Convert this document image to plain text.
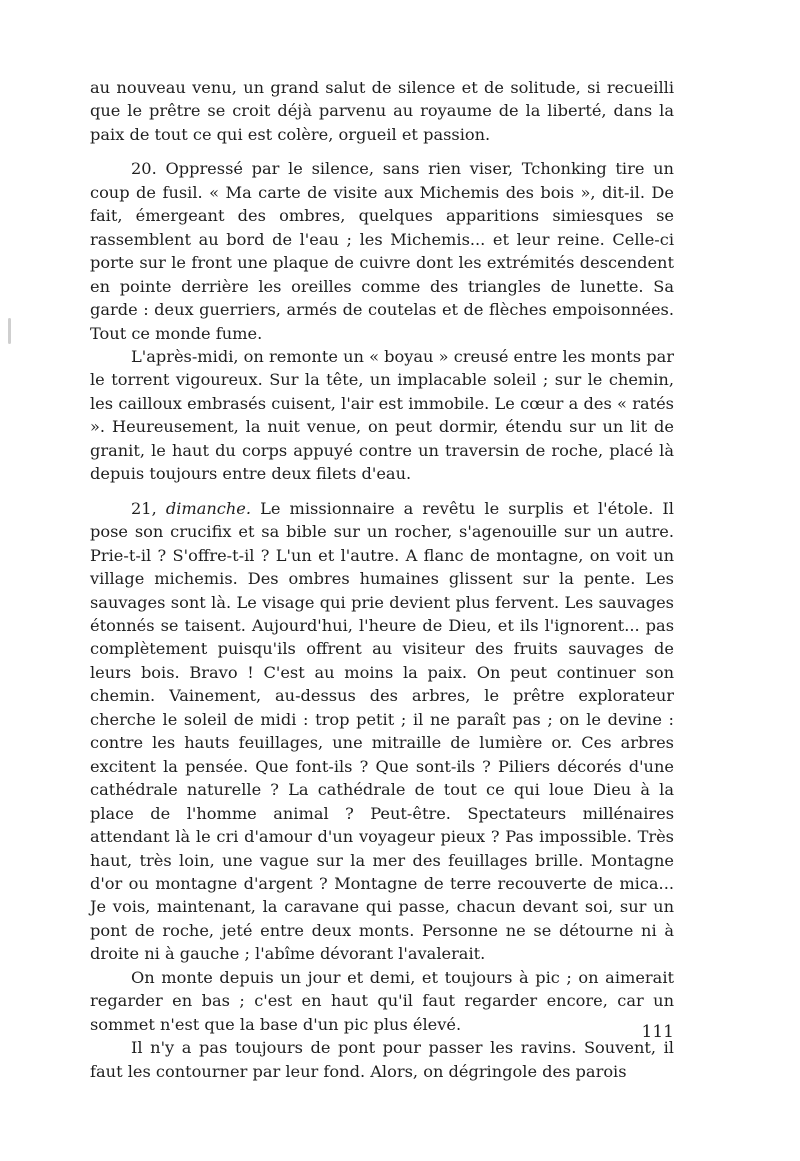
au nouveau venu, un grand salut de silence et de solitude, si recueilli que le prêtre se croit déjà parvenu au royaume de la liberté, dans la paix de tout ce qui est colère, orgueil et passion.

20. Oppressé par le silence, sans rien viser, Tchonking tire un coup de fusil. « Ma carte de visite aux Michemis des bois », dit-il. De fait, émergeant des ombres, quelques apparitions simiesques se rassemblent au bord de l'eau ; les Michemis... et leur reine. Celle-ci porte sur le front une plaque de cuivre dont les extrémités descendent en pointe derrière les oreilles comme des triangles de lunette. Sa garde : deux guerriers, armés de coutelas et de flèches empoisonnées. Tout ce monde fume.

L'après-midi, on remonte un « boyau » creusé entre les monts par le torrent vigoureux. Sur la tête, un implacable soleil ; sur le chemin, les cailloux embrasés cuisent, l'air est immobile. Le cœur a des « ratés ». Heureusement, la nuit venue, on peut dormir, étendu sur un lit de granit, le haut du corps appuyé contre un traversin de roche, placé là depuis toujours entre deux filets d'eau.

21, dimanche. Le missionnaire a revêtu le surplis et l'étole. Il pose son crucifix et sa bible sur un rocher, s'agenouille sur un autre. Prie-t-il ? S'offre-t-il ? L'un et l'autre. A flanc de montagne, on voit un village michemis. Des ombres humaines glissent sur la pente. Les sauvages sont là. Le visage qui prie devient plus fervent. Les sauvages étonnés se taisent. Aujourd'hui, l'heure de Dieu, et ils l'ignorent... pas complètement puisqu'ils offrent au visiteur des fruits sauvages de leurs bois. Bravo ! C'est au moins la paix. On peut continuer son chemin. Vainement, au-dessus des arbres, le prêtre explorateur cherche le soleil de midi : trop petit ; il ne paraît pas ; on le devine : contre les hauts feuillages, une mitraille de lumière or. Ces arbres excitent la pensée. Que font-ils ? Que sont-ils ? Piliers décorés d'une cathédrale naturelle ? La cathédrale de tout ce qui loue Dieu à la place de l'homme animal ? Peut-être. Spectateurs millénaires attendant là le cri d'amour d'un voyageur pieux ? Pas impossible. Très haut, très loin, une vague sur la mer des feuillages brille. Montagne d'or ou montagne d'argent ? Montagne de terre recouverte de mica... Je vois, maintenant, la caravane qui passe, chacun devant soi, sur un pont de roche, jeté entre deux monts. Personne ne se détourne ni à droite ni à gauche ; l'abîme dévorant l'avalerait.

On monte depuis un jour et demi, et toujours à pic ; on aimerait regarder en bas ; c'est en haut qu'il faut regarder encore, car un sommet n'est que la base d'un pic plus élevé.

Il n'y a pas toujours de pont pour passer les ravins. Souvent, il faut les contourner par leur fond. Alors, on dégringole des parois

111
